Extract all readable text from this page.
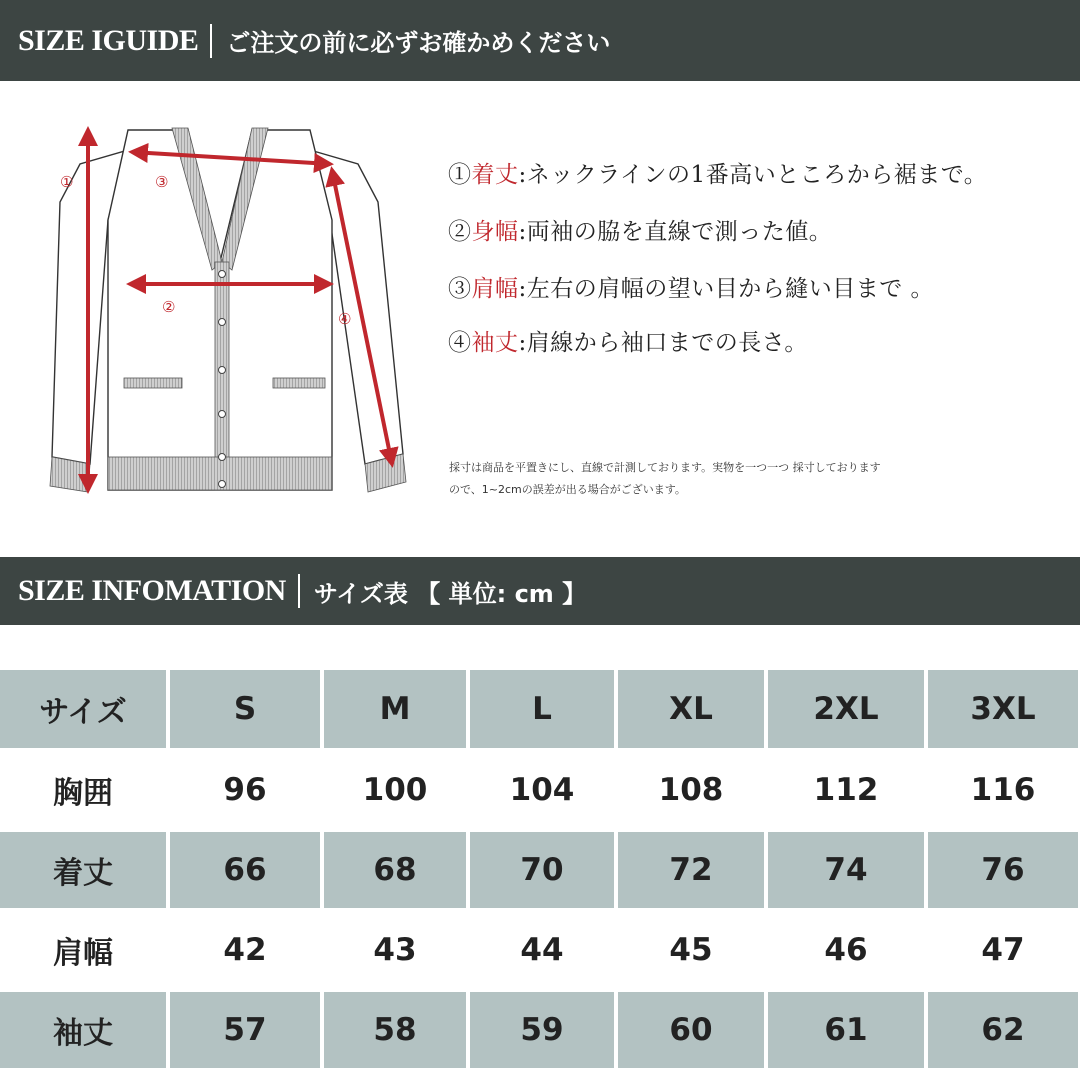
SIZE IGUIDE ご注文の前に必ずお確かめください
①	③
②
④
①着丈:ネックラインの1番高いところから裾まで。
②身幅:両袖の脇を直線で測った値。
③肩幅:左右の肩幅の望い目から縫い目まで 。
④袖丈:肩線から袖口までの長さ。
採寸は商品を平置きにし、直線で計測しております。実物を一つ一つ 採寸しております
ので、1~2cmの誤差が出る場合がございます。
SIZE INFOMATION サイズ表 【 単位: cm 】
サイズ	S	M	L	XL	2XL	3XL
胸囲	96	100	104	108	112	116
着丈	66	68	70	72	74	76
肩幅	42	43	44	45	46	47
袖丈	57	58	59	60	61	62
